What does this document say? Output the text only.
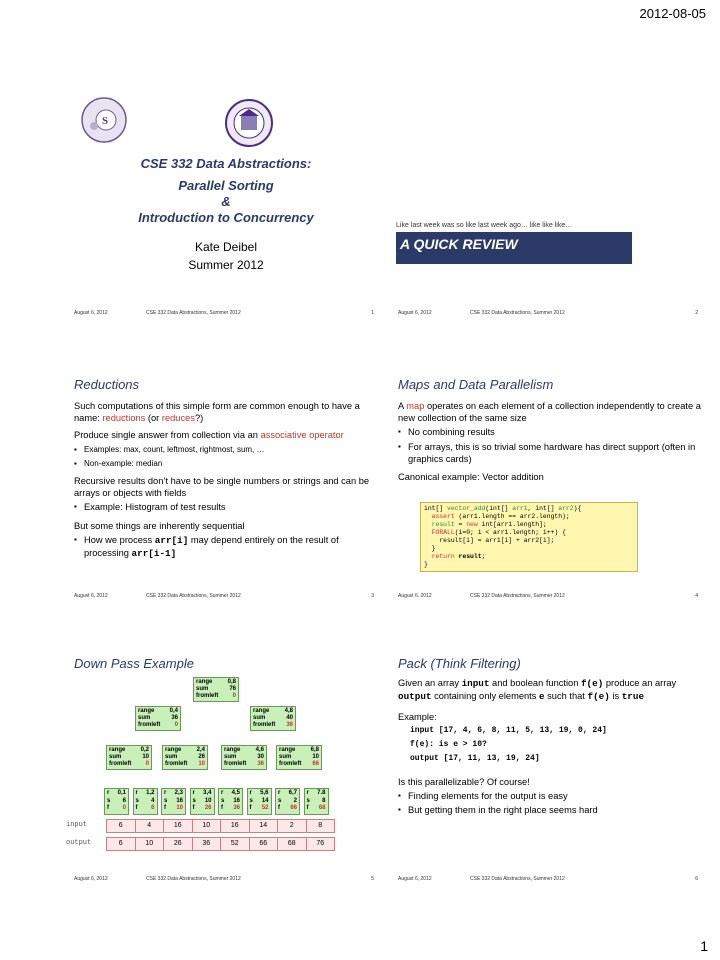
2012-08-05
S
CSE 332 Data Abstractions:
Parallel Sorting
&
Introduction to Concurrency
Kate Deibel
Summer 2012
August 6, 2012	CSE 332 Data Abstractions, Summer 2012	1
Like last week was so like last week ago… like like like…
A QUICK REVIEW
August 6, 2012	CSE 332 Data Abstractions, Summer 2012	2
Reductions

Such computations of this simple form are common enough to have a name: reductions (or reduces?)

Produce single answer from collection via an associative operator

▪ Examples: max, count, leftmost, rightmost, sum, …
▪ Non-example: median

Recursive results don’t have to be single numbers or strings and can be arrays or objects with fields

▪ Example: Histogram of test results

But some things are inherently sequential

▪ How we process arr[i] may depend entirely on the result of processing arr[i-1]
August 6, 2012	CSE 332 Data Abstractions, Summer 2012	3
Maps and Data Parallelism

A map operates on each element of a collection independently to create a new collection of the same size

▪ No combining results
▪ For arrays, this is so trivial some hardware has direct support (often in graphics cards)

Canonical example: Vector addition

int[] vector_add(int[] arr1, int[] arr2){
assert (arr1.length == arr2.length);
result = new int[arr1.length];
FORALL(i=0; i < arr1.length; i++) {
result[i] = arr1[i] + arr2[i];
}
return result;
}
August 6, 2012	CSE 332 Data Abstractions, Summer 2012	4
Down Pass Example
range	0,8
sum	76
fromleft 0
range	0,4
sum	36
fromleft 0
range	4,8
sum	40
fromleft 36
range	0,2
sum	10
fromleft 0
range	2,4
sum	26
fromleft 10
range	4,6
sum	30
fromleft 36
range	6,8
sum	10
fromleft 66
r 0,1
s 6
f 0
r 1,2
s 4
f 6
r 2,3
s 16
f 10
r 3,4
s 10
f 26
r 4,5
s 16
f 36
r 5,6
s 14
f 52
r 6,7
s 2
f 66
r 7.8
s 8
f 68
input	6	4	16	10	16	14	2	8
output	6	10	26	36	52	66	68	76
August 6, 2012	CSE 332 Data Abstractions, Summer 2012	5
Pack (Think Filtering)

Given an array input and boolean function f(e) produce an array output containing only elements e such that f(e) is true

Example:

input [17, 4, 6, 8, 11, 5, 13, 19, 0, 24]
f(e): is e > 10?
output [17, 11, 13, 19, 24]

Is this parallelizable? Of course!

▪ Finding elements for the output is easy
▪ But getting them in the right place seems hard
August 6, 2012	CSE 332 Data Abstractions, Summer 2012	6
1
